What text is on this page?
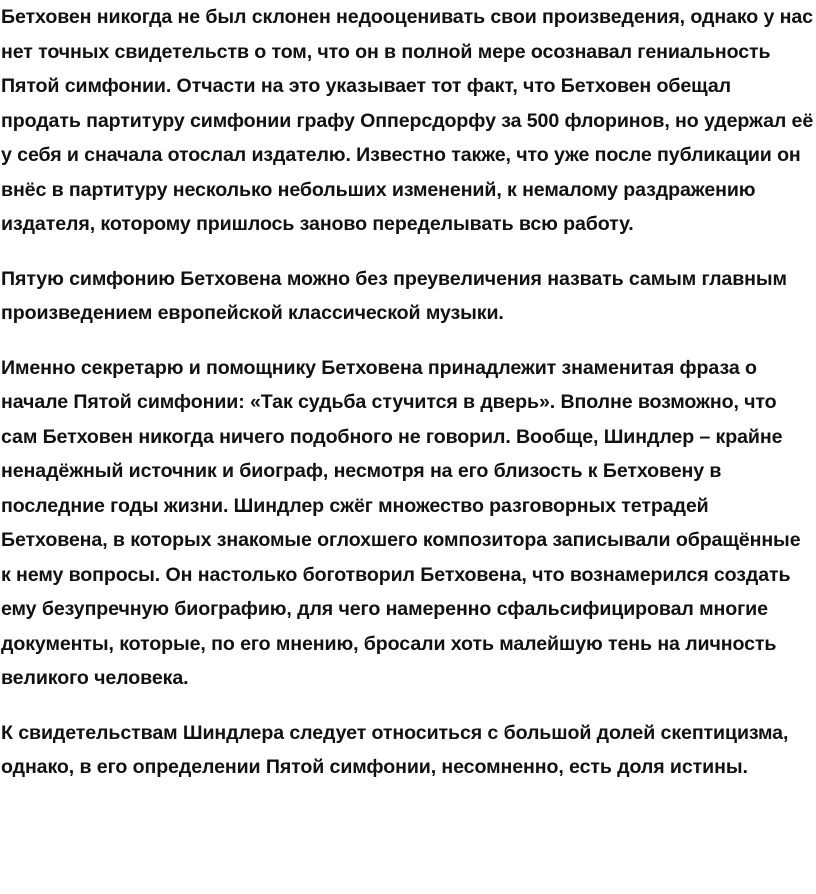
Бетховен никогда не был склонен недооценивать свои произведения, однако у нас нет точных свидетельств о том, что он в полной мере осознавал гениальность Пятой симфонии. Отчасти на это указывает тот факт, что Бетховен обещал продать партитуру симфонии графу Опперсдорфу за 500 флоринов, но удержал её у себя и сначала отослал издателю. Известно также, что уже после публикации он внёс в партитуру несколько небольших изменений, к немалому раздражению издателя, которому пришлось заново переделывать всю работу.

Пятую симфонию Бетховена можно без преувеличения назвать самым главным произведением европейской классической музыки.

Именно секретарю и помощнику Бетховена принадлежит знаменитая фраза о начале Пятой симфонии: «Так судьба стучится в дверь». Вполне возможно, что сам Бетховен никогда ничего подобного не говорил. Вообще, Шиндлер – крайне ненадёжный источник и биограф, несмотря на его близость к Бетховену в последние годы жизни. Шиндлер сжёг множество разговорных тетрадей Бетховена, в которых знакомые оглохшего композитора записывали обращённые к нему вопросы. Он настолько боготворил Бетховена, что вознамерился создать ему безупречную биографию, для чего намеренно сфальсифицировал многие документы, которые, по его мнению, бросали хоть малейшую тень на личность великого человека.

К свидетельствам Шиндлера следует относиться с большой долей скептицизма, однако, в его определении Пятой симфонии, несомненно, есть доля истины.
